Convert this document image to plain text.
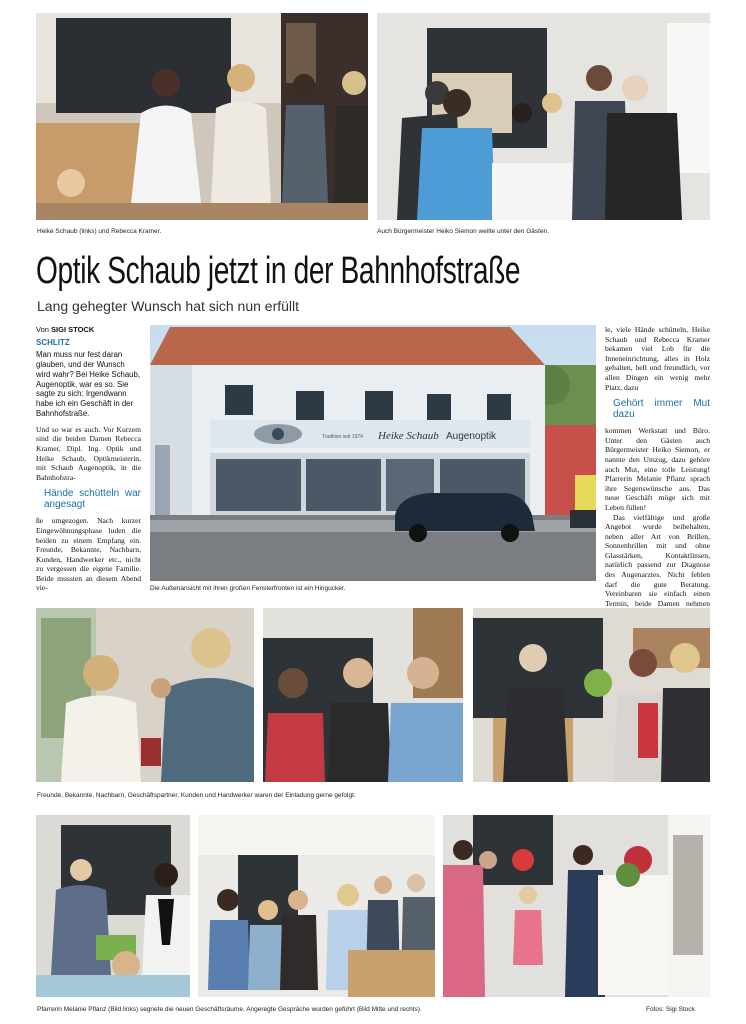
Heike Schaub (links) und Rebecca Kramer.	Auch Bürgermeister Heiko Siemon weilte unter den Gästen.
Optik Schaub jetzt in der Bahnhofstraße
Lang gehegter Wunsch hat sich nun erfüllt
Von SIGI STOCK
SCHLITZ
Man muss nur fest daran glauben, und der Wunsch wird wahr? Bei Heike Schaub, Augenoptik, war es so. Sie sagte zu sich: Irgendwann habe ich ein Geschäft in der Bahnhofstraße.

Und so war es auch. Vor Kurzem sind die beiden Damen Rebecca Kramer, Dipl. Ing. Optik und Heike Schaub, Optikmeisterin, mit Schaub Augenoptik, in die Bahnhofstra-

Hände schütteln war angesagt

ße umgezogen. Nach kurzer Eingewöhnungsphase luden die beiden zu einem Empfang ein. Freunde, Bekannte, Nachbarn, Kunden, Handwerker etc., nicht zu vergessen die eigene Familie. Beide mussten an diesem Abend vie-

Tradition seit 1974 Heike Schaub Augenoptik
Die Außenansicht mit ihren großen Fensterfronten ist ein Hingucker.

le, viele Hände schütteln, Heike Schaub und Rebecca Kramer bekamen viel Lob für die Inneneinrichtung, alles in Holz gehalten, hell und freundlich, vor allen Dingen ein wenig mehr Platz, dazu

Gehört immer Mut dazu

kommen Werkstatt und Büro. Unter den Gästen auch Bürgermeister Heiko Siemon, er nannte den Umzug, dazu gehöre auch Mut, eine tolle Leistung! Pfarrerin Melanie Pflanz sprach ihre Segenswünsche aus. Das neue Geschäft möge sich mit Leben füllen!

Das vielfältige und große Angebot wurde beibehalten, neben aller Art von Brillen, Sonnenbrillen mit und ohne Glasstärken, Kontaktlinsen, natürlich passend zur Diagnose des Augenarztes. Nicht fehlen darf die gute Beratung. Vereinbaren sie einfach einen Termin, beide Damen nehmen

Freunde, Bekannte, Nachbarn, Geschäftspartner, Kunden und Handwerker waren der Einladung gerne gefolgt.
Pfarrerin Melanie Pflanz (Bild links) segnete die neuen Geschäftsräume. Angeregte Gespräche wurden geführt (Bild Mitte und rechts).	Fotos: Sigi Stock
